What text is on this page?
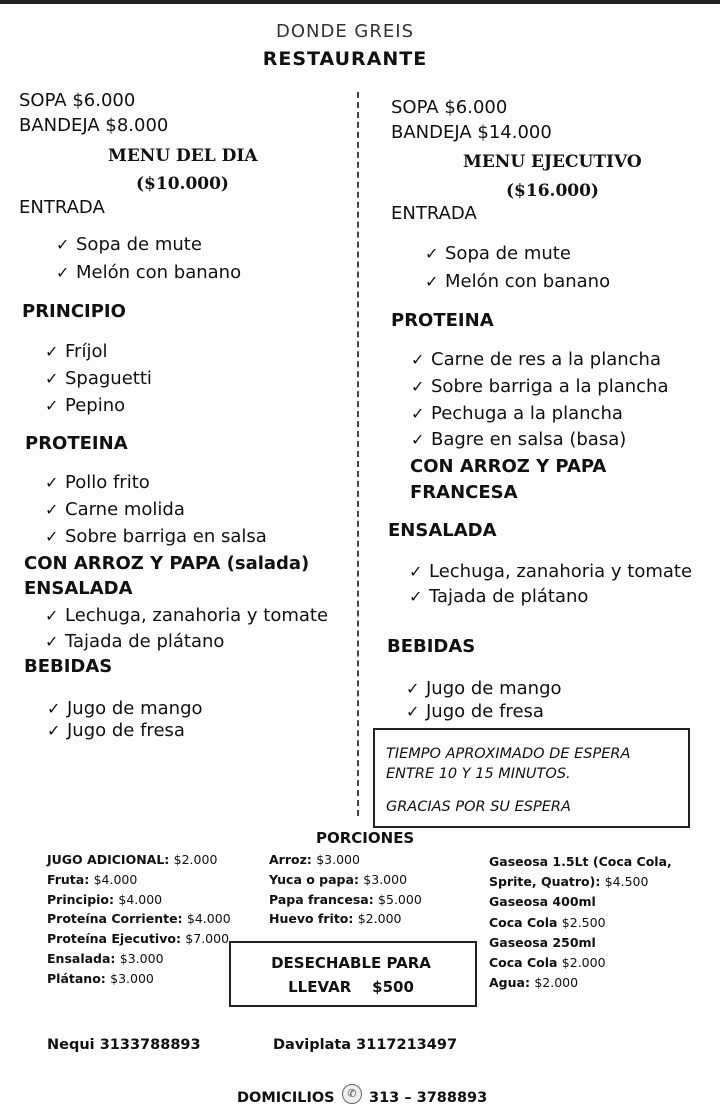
DONDE GREIS
RESTAURANTE
SOPA $6.000
BANDEJA $8.000
MENU DEL DIA
($10.000)
ENTRADA
✓ Sopa de mute
✓ Melón con banano
PRINCIPIO
✓ Fríjol
✓ Spaguetti
✓ Pepino
PROTEINA
✓ Pollo frito
✓ Carne molida
✓ Sobre barriga en salsa
CON ARROZ Y PAPA (salada)
ENSALADA
✓ Lechuga, zanahoria y tomate
✓ Tajada de plátano
BEBIDAS
✓ Jugo de mango
✓ Jugo de fresa
SOPA $6.000
BANDEJA $14.000
MENU EJECUTIVO
($16.000)
ENTRADA
✓ Sopa de mute
✓ Melón con banano
PROTEINA
✓ Carne de res a la plancha
✓ Sobre barriga a la plancha
✓ Pechuga a la plancha
✓ Bagre en salsa (basa)
CON ARROZ Y PAPA
FRANCESA
ENSALADA
✓ Lechuga, zanahoria y tomate
✓ Tajada de plátano
BEBIDAS
✓ Jugo de mango
✓ Jugo de fresa
TIEMPO APROXIMADO DE ESPERA
ENTRE 10 Y 15 MINUTOS.
GRACIAS POR SU ESPERA
PORCIONES
JUGO ADICIONAL: $2.000
Fruta: $4.000
Principio: $4.000
Proteína Corriente: $4.000
Proteína Ejecutivo: $7.000
Ensalada: $3.000
Plátano: $3.000
Arroz: $3.000
Yuca o papa: $3.000
Papa francesa: $5.000
Huevo frito: $2.000
Gaseosa 1.5Lt (Coca Cola,
Sprite, Quatro): $4.500
Gaseosa 400ml
Coca Cola $2.500
Gaseosa 250ml
Coca Cola $2.000
Agua: $2.000
DESECHABLE PARA
LLEVAR    $500
Nequi 3133788893	Daviplata 3117213497
DOMICILIOS	✆ 313 – 3788893
